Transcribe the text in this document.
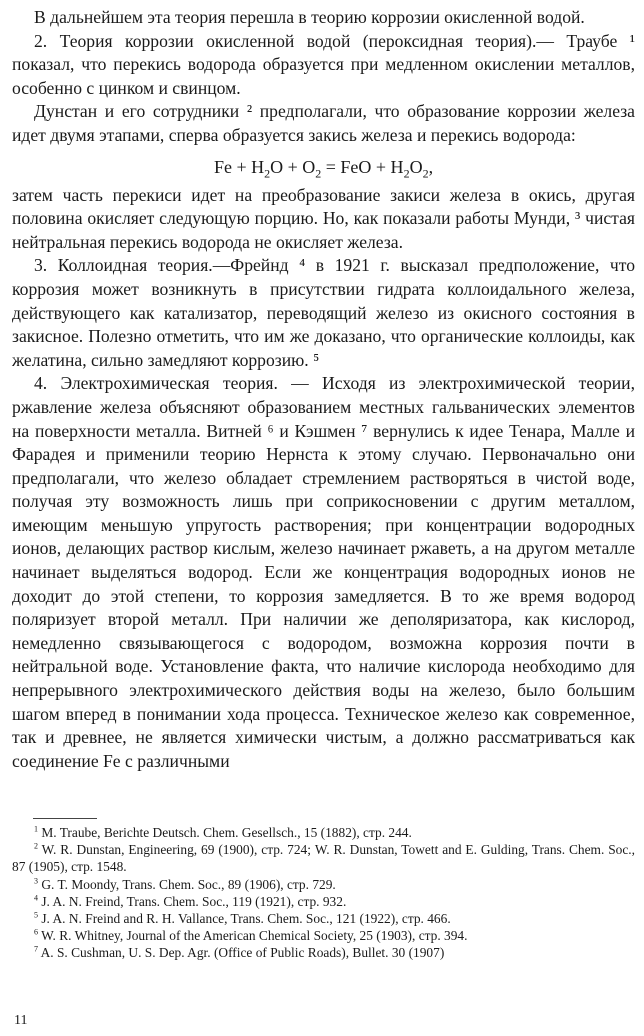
В дальнейшем эта теория перешла в теорию коррозии окисленной водой.

2. Теория коррозии окисленной водой (пероксидная теория).— Траубе ¹ показал, что перекись водорода образуется при медленном окислении металлов, особенно с цинком и свинцом.

Дунстан и его сотрудники ² предполагали, что образование коррозии железа идет двумя этапами, сперва образуется закись железа и перекись водорода:

$Fe + H_2O + O_2$ = FeO + $H_2O_2$,

затем часть перекиси идет на преобразование закиси железа в окись, другая половина окисляет следующую порцию. Но, как показали работы Мунди, ³ чистая нейтральная перекись водорода не окисляет железа.

3. Коллоидная теория.—Фрейнд ⁴ в 1921 г. высказал предположение, что коррозия может возникнуть в присутствии гидрата коллоидального железа, действующего как катализатор, переводящий железо из окисного состояния в закисное. Полезно отметить, что им же доказано, что органические коллоиды, как желатина, сильно замедляют коррозию. ⁵

4. Электрохимическая теория. — Исходя из электрохимической теории, ржавление железа объясняют образованием местных гальванических элементов на поверхности металла. Витней ⁶ и Кэшмен ⁷ вернулись к идее Тенара, Малле и Фарадея и применили теорию Нернста к этому случаю. Первоначально они предполагали, что железо обладает стремлением растворяться в чистой воде, получая эту возможность лишь при соприкосновении с другим металлом, имеющим меньшую упругость растворения; при концентрации водородных ионов, делающих раствор кислым, железо начинает ржаветь, а на другом металле начинает выделяться водород. Если же концентрация водородных ионов не доходит до этой степени, то коррозия замедляется. В то же время водород поляризует второй металл. При наличии же деполяризатора, как кислород, немедленно связывающегося с водородом, возможна коррозия почти в нейтральной воде. Установление факта, что наличие кислорода необходимо для непрерывного электрохимического действия воды на железо, было большим шагом вперед в понимании хода процесса. Техническое железо как современное, так и древнее, не является химически чистым, а должно рассматриваться как соединение Fe с различными

$^1$ M. Traube, Berichte Deutsch. Chem. Gesellsch., 15 (1882), стр. 244.

$^2$ W. R. Dunstan, Engineering, 69 (1900), стр. 724; W. R. Dunstan, Towett and E. Gulding, Trans. Chem. Soc., 87 (1905), стр. 1548.

$^3$ G. T. Moondy, Trans. Chem. Soc., 89 (1906), стр. 729.

$^4$ J. A. N. Freind, Trans. Chem. Soc., 119 (1921), стр. 932.

$^5$ J. A. N. Freind and R. H. Vallance, Trans. Chem. Soc., 121 (1922), стр. 466.

$^6$ W. R. Whitney, Journal of the American Chemical Society, 25 (1903), стр. 394.

$^7$ A. S. Cushman, U. S. Dep. Agr. (Office of Public Roads), Bullet. 30 (1907)

11
